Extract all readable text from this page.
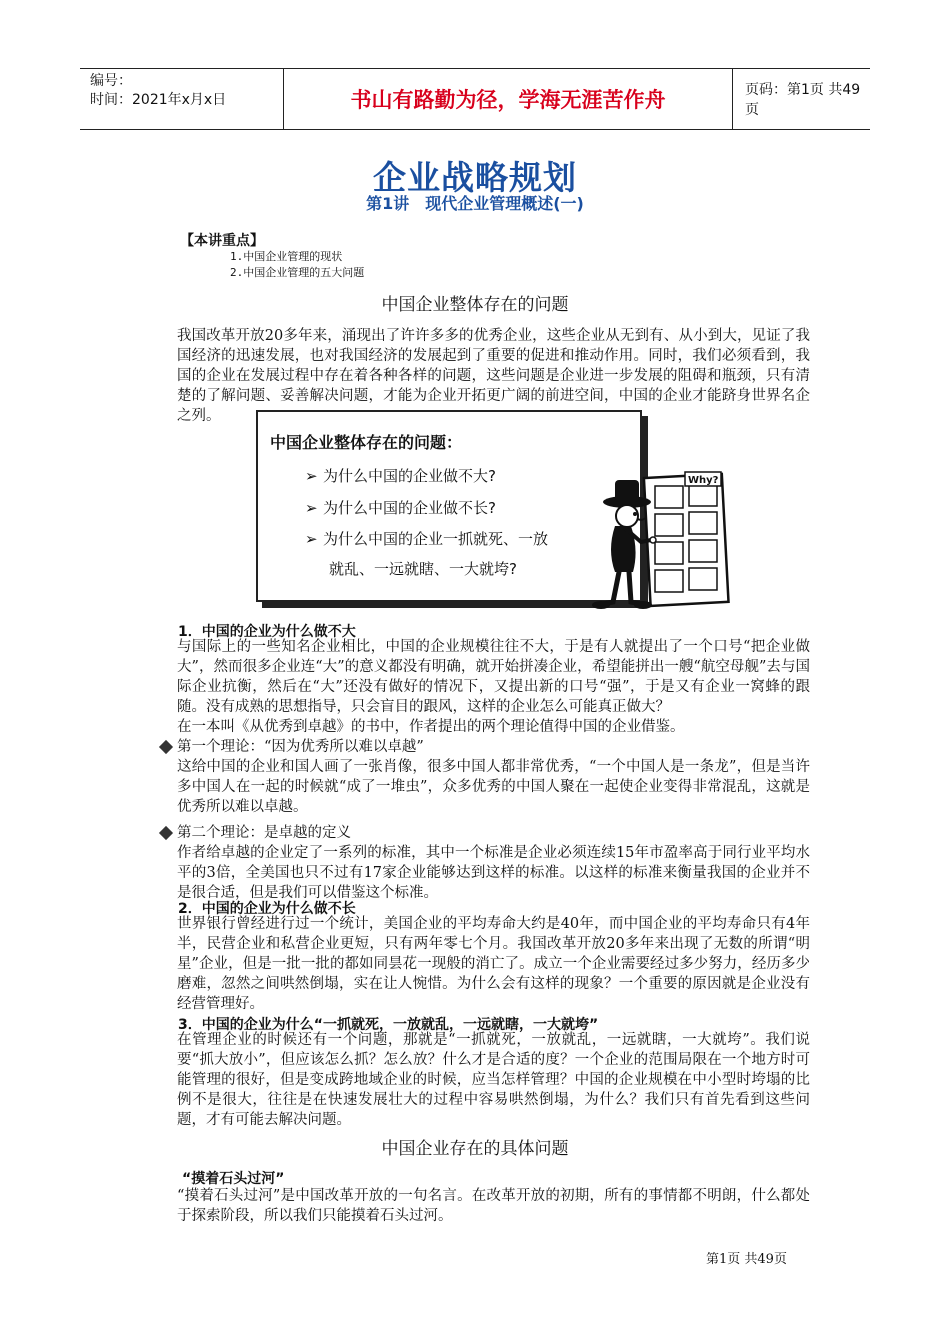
编号：
时间：2021年x月x日	书山有路勤为径，学海无涯苦作舟	页码：第1页 共49页
企业战略规划
第1讲　现代企业管理概述(一)
【本讲重点】
1.中国企业管理的现状
2.中国企业管理的五大问题
中国企业整体存在的问题
我国改革开放20多年来，涌现出了许许多多的优秀企业，这些企业从无到有、从小到大，见证了我国经济的迅速发展，也对我国经济的发展起到了重要的促进和推动作用。同时，我们必须看到，我国的企业在发展过程中存在着各种各样的问题，这些问题是企业进一步发展的阻碍和瓶颈，只有清楚的了解问题、妥善解决问题，才能为企业开拓更广阔的前进空间，中国的企业才能跻身世界名企之列。
中国企业整体存在的问题：
➢ 为什么中国的企业做不大?
➢ 为什么中国的企业做不长?
➢ 为什么中国的企业一抓就死、一放
就乱、一远就瞎、一大就垮?
Why?
1．中国的企业为什么做不大
与国际上的一些知名企业相比，中国的企业规模往往不大，于是有人就提出了一个口号“把企业做大”，然而很多企业连“大”的意义都没有明确，就开始拼凑企业，希望能拼出一艘“航空母舰”去与国际企业抗衡，然后在“大”还没有做好的情况下，又提出新的口号“强”，于是又有企业一窝蜂的跟随。没有成熟的思想指导，只会盲目的跟风，这样的企业怎么可能真正做大？
在一本叫《从优秀到卓越》的书中，作者提出的两个理论值得中国的企业借鉴。
第一个理论：“因为优秀所以难以卓越”
这给中国的企业和国人画了一张肖像，很多中国人都非常优秀，“一个中国人是一条龙”，但是当许多中国人在一起的时候就“成了一堆虫”，众多优秀的中国人聚在一起使企业变得非常混乱，这就是优秀所以难以卓越。
第二个理论：是卓越的定义
作者给卓越的企业定了一系列的标准，其中一个标准是企业必须连续15年市盈率高于同行业平均水平的3倍，全美国也只不过有17家企业能够达到这样的标准。以这样的标准来衡量我国的企业并不是很合适，但是我们可以借鉴这个标准。
2．中国的企业为什么做不长
世界银行曾经进行过一个统计，美国企业的平均寿命大约是40年，而中国企业的平均寿命只有4年半，民营企业和私营企业更短，只有两年零七个月。我国改革开放20多年来出现了无数的所谓“明星”企业，但是一批一批的都如同昙花一现般的消亡了。成立一个企业需要经过多少努力，经历多少磨难，忽然之间哄然倒塌，实在让人惋惜。为什么会有这样的现象？一个重要的原因就是企业没有经营管理好。
3．中国的企业为什么“一抓就死，一放就乱，一远就瞎，一大就垮”
在管理企业的时候还有一个问题，那就是“一抓就死，一放就乱，一远就瞎，一大就垮”。我们说要“抓大放小”，但应该怎么抓？怎么放？什么才是合适的度？一个企业的范围局限在一个地方时可能管理的很好，但是变成跨地域企业的时候，应当怎样管理？中国的企业规模在中小型时垮塌的比例不是很大，往往是在快速发展壮大的过程中容易哄然倒塌，为什么？我们只有首先看到这些问题，才有可能去解决问题。
中国企业存在的具体问题
“摸着石头过河”
“摸着石头过河”是中国改革开放的一句名言。在改革开放的初期，所有的事情都不明朗，什么都处于探索阶段，所以我们只能摸着石头过河。
第1页 共49页
